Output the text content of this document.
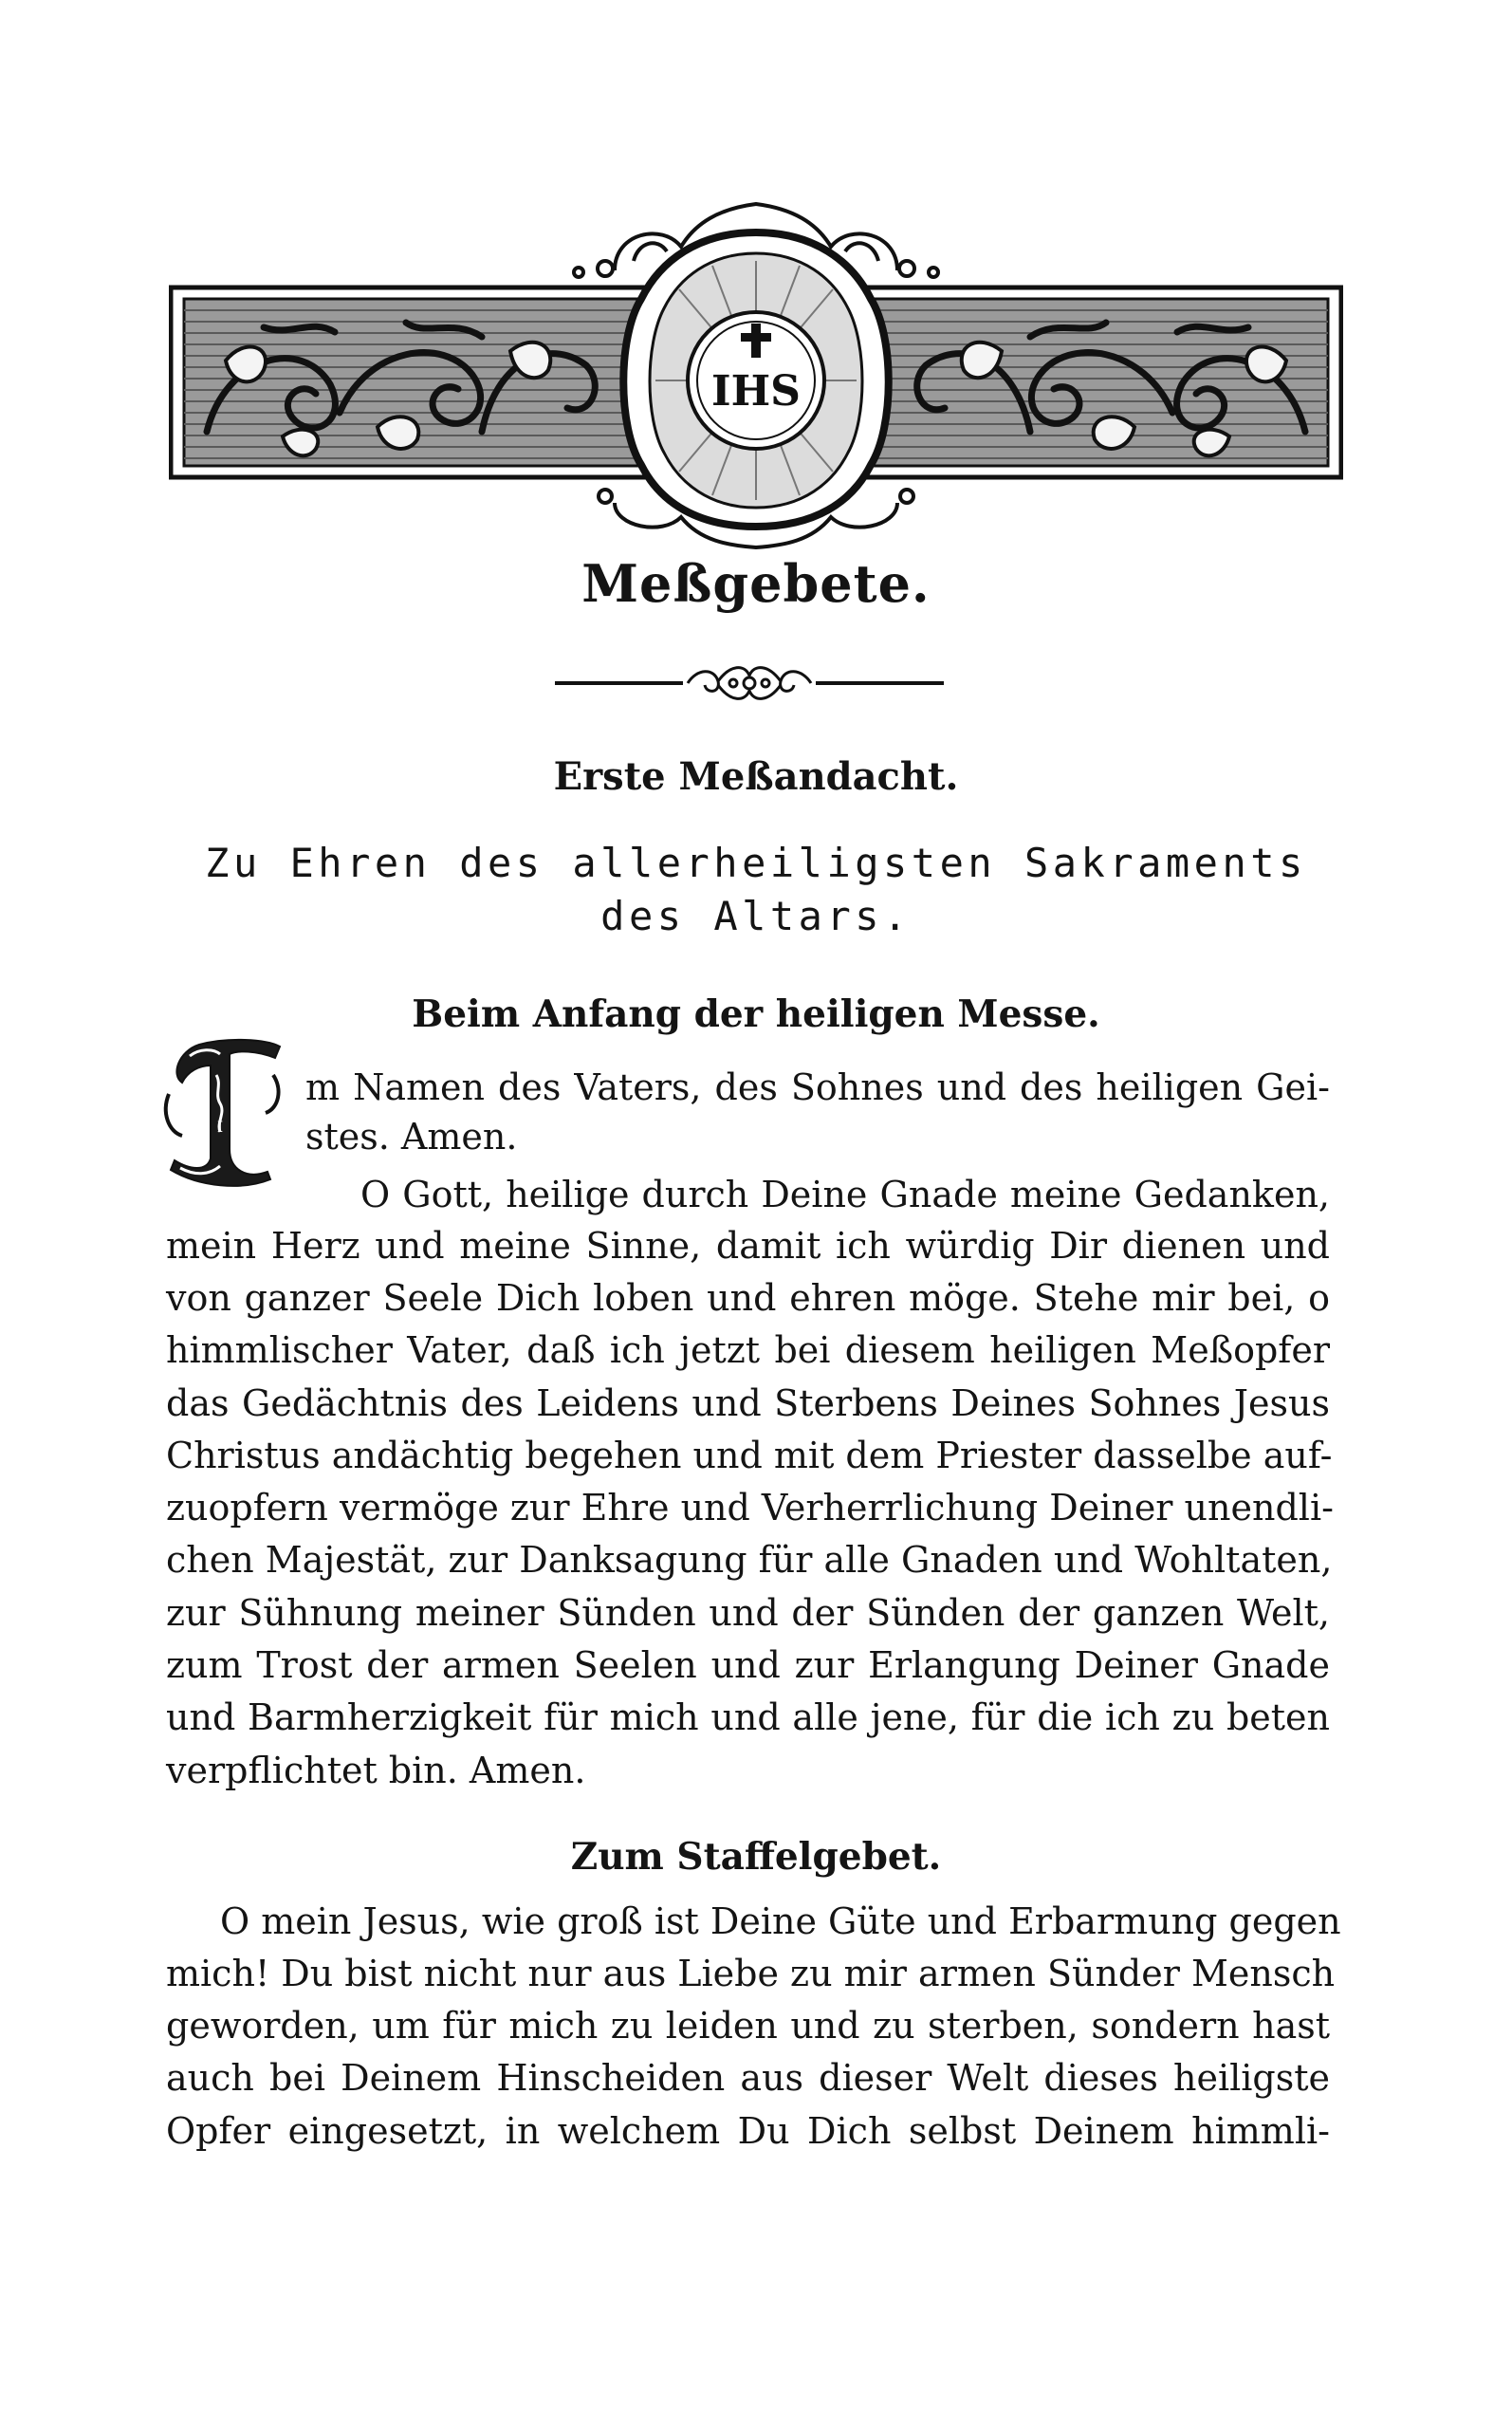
IHS
Meßgebete.
Erste Meßandacht.
Zu Ehren des allerheiligsten Sakraments
des Altars.
Beim Anfang der heiligen Messe.
I
m Namen des Vaters, des Sohnes und des heiligen Gei-
stes. Amen.
O Gott, heilige durch Deine Gnade meine Gedanken,
mein Herz und meine Sinne, damit ich würdig Dir dienen und
von ganzer Seele Dich loben und ehren möge. Stehe mir bei, o
himmlischer Vater, daß ich jetzt bei diesem heiligen Meßopfer
das Gedächtnis des Leidens und Sterbens Deines Sohnes Jesus
Christus andächtig begehen und mit dem Priester dasselbe auf-
zuopfern vermöge zur Ehre und Verherrlichung Deiner unendli-
chen Majestät, zur Danksagung für alle Gnaden und Wohltaten,
zur Sühnung meiner Sünden und der Sünden der ganzen Welt,
zum Trost der armen Seelen und zur Erlangung Deiner Gnade
und Barmherzigkeit für mich und alle jene, für die ich zu beten
verpflichtet bin. Amen.
Zum Staffelgebet.
O mein Jesus, wie groß ist Deine Güte und Erbarmung gegen
mich! Du bist nicht nur aus Liebe zu mir armen Sünder Mensch
geworden, um für mich zu leiden und zu sterben, sondern hast
auch bei Deinem Hinscheiden aus dieser Welt dieses heiligste
Opfer eingesetzt, in welchem Du Dich selbst Deinem himmli-
